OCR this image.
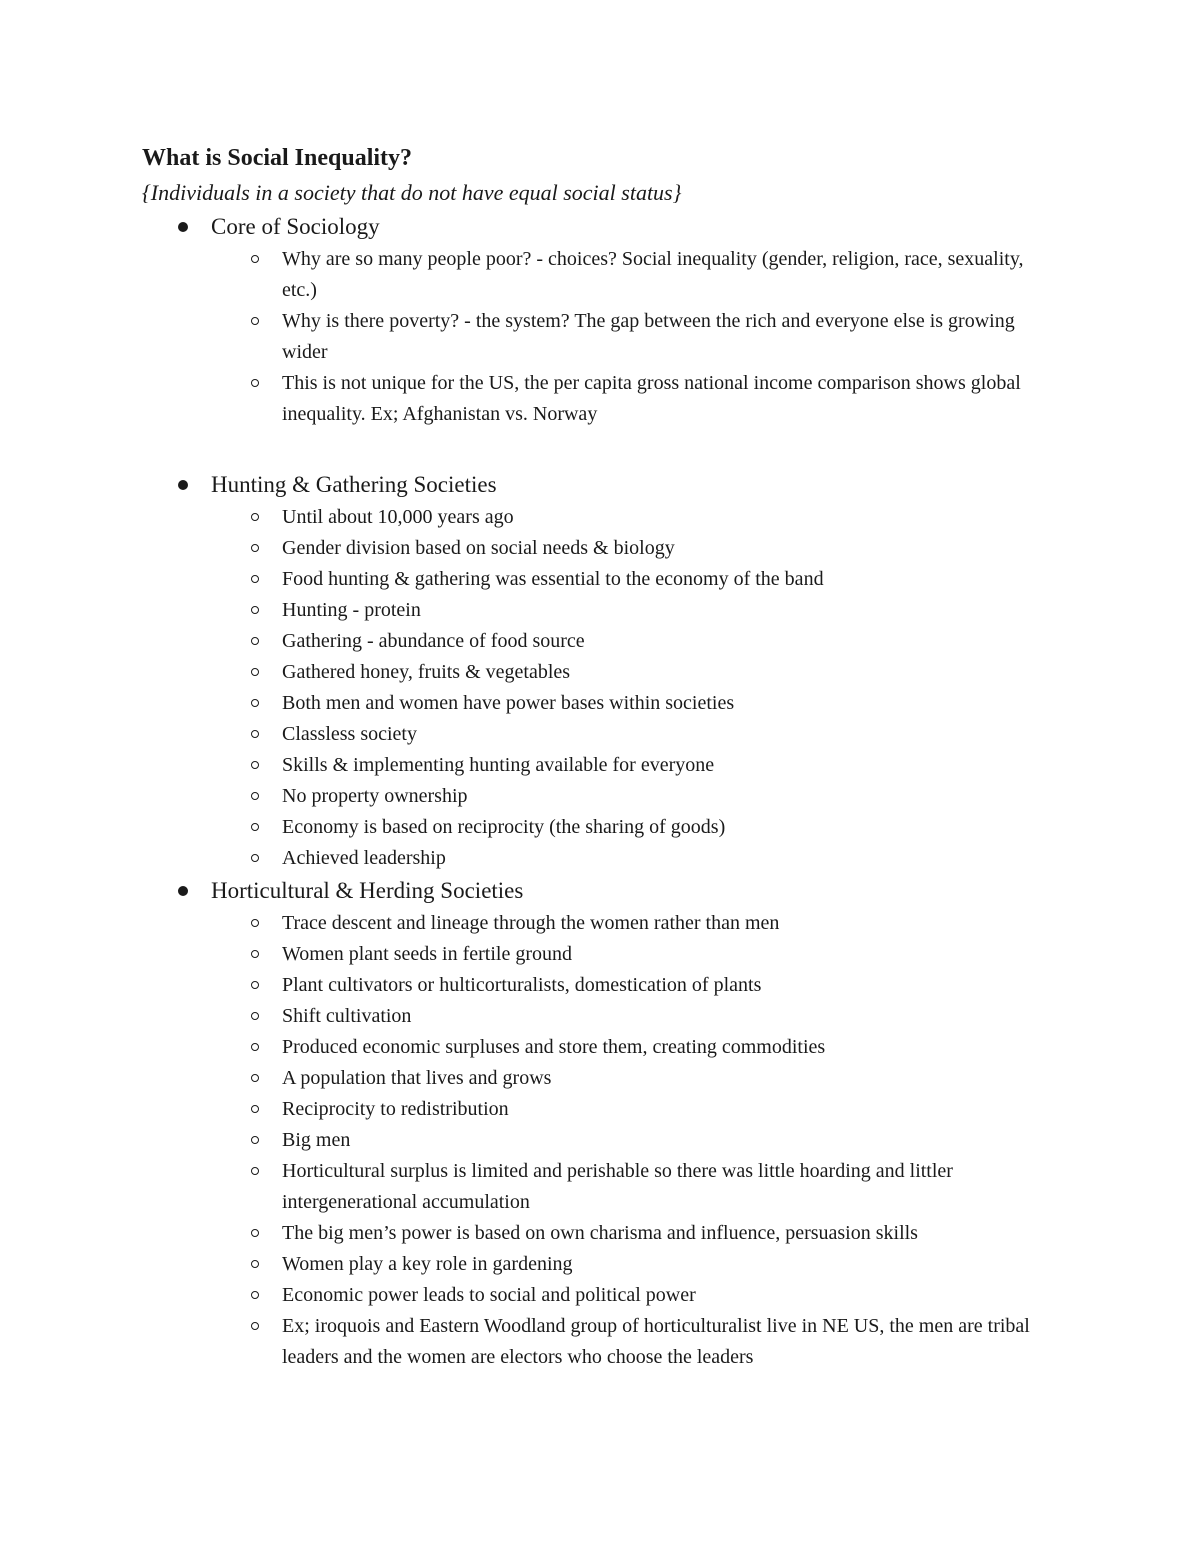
What is Social Inequality?

{Individuals in a society that do not have equal social status}

Core of Sociology
Why are so many people poor? - choices? Social inequality (gender, religion, race, sexuality, etc.)
Why is there poverty? - the system? The gap between the rich and everyone else is growing wider
This is not unique for the US, the per capita gross national income comparison shows global inequality. Ex; Afghanistan vs. Norway
Hunting & Gathering Societies
Until about 10,000 years ago
Gender division based on social needs & biology
Food hunting & gathering was essential to the economy of the band
Hunting - protein
Gathering - abundance of food source
Gathered honey, fruits & vegetables
Both men and women have power bases within societies
Classless society
Skills & implementing hunting available for everyone
No property ownership
Economy is based on reciprocity (the sharing of goods)
Achieved leadership
Horticultural & Herding Societies
Trace descent and lineage through the women rather than men
Women plant seeds in fertile ground
Plant cultivators or hulticorturalists, domestication of plants
Shift cultivation
Produced economic surpluses and store them, creating commodities
A population that lives and grows
Reciprocity to redistribution
Big men
Horticultural surplus is limited and perishable so there was little hoarding and littler intergenerational accumulation
The big men’s power is based on own charisma and influence, persuasion skills
Women play a key role in gardening
Economic power leads to social and political power
Ex; iroquois and Eastern Woodland group of horticulturalist live in NE US, the men are tribal leaders and the women are electors who choose the leaders
